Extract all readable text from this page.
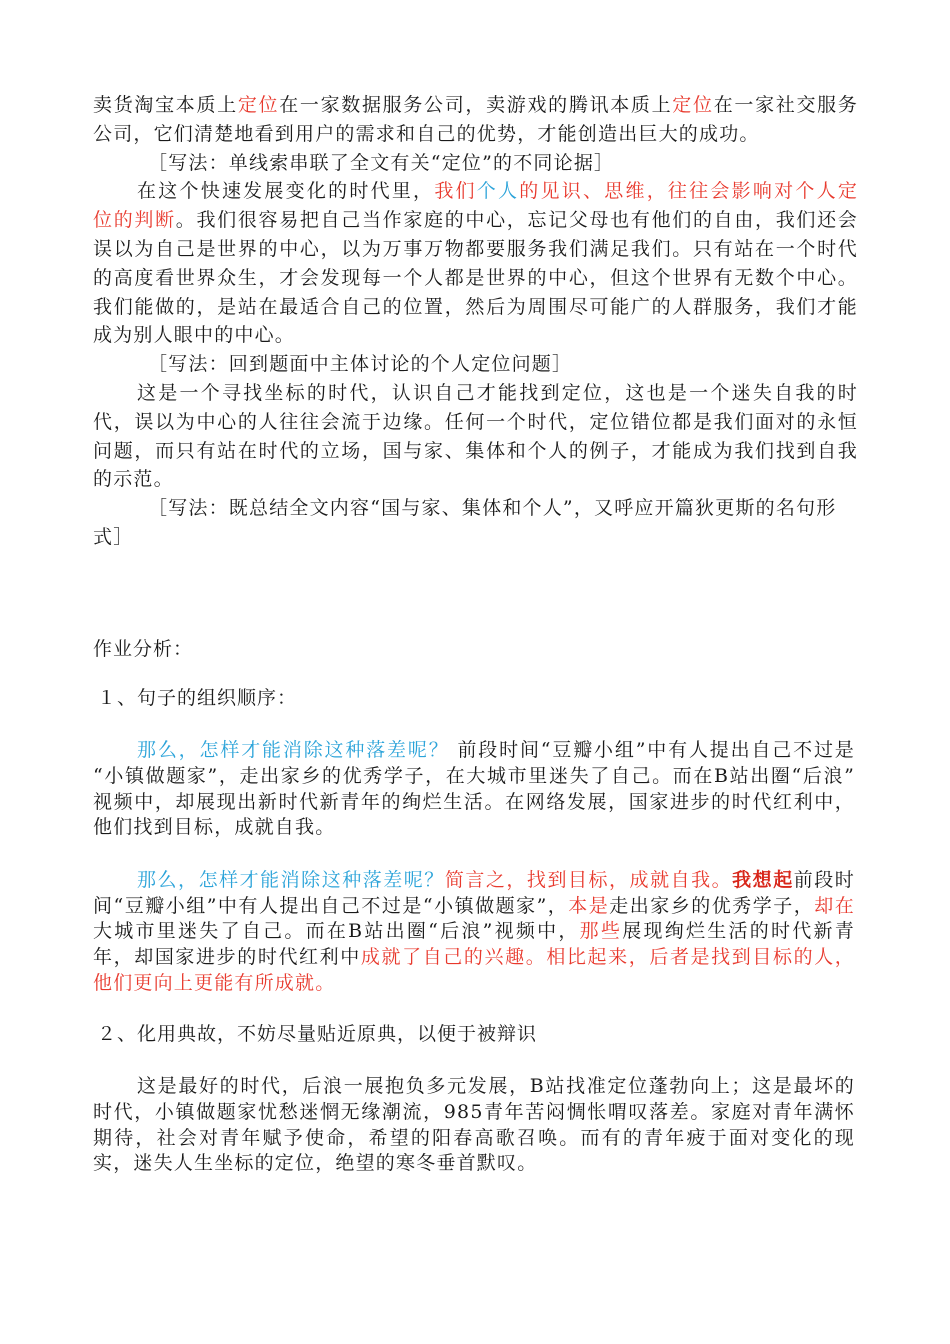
卖货淘宝本质上定位在一家数据服务公司，卖游戏的腾讯本质上定位在一家社交服务
公司，它们清楚地看到用户的需求和自己的优势，才能创造出巨大的成功。
［写法：单线索串联了全文有关“定位”的不同论据］
在这个快速发展变化的时代里，我们个人的见识、思维，往往会影响对个人定
位的判断。我们很容易把自己当作家庭的中心，忘记父母也有他们的自由，我们还会
误以为自己是世界的中心，以为万事万物都要服务我们满足我们。只有站在一个时代
的高度看世界众生，才会发现每一个人都是世界的中心，但这个世界有无数个中心。
我们能做的，是站在最适合自己的位置，然后为周围尽可能广的人群服务，我们才能
成为别人眼中的中心。
［写法：回到题面中主体讨论的个人定位问题］
这是一个寻找坐标的时代，认识自己才能找到定位，这也是一个迷失自我的时
代，误以为中心的人往往会流于边缘。任何一个时代，定位错位都是我们面对的永恒
问题，而只有站在时代的立场，国与家、集体和个人的例子，才能成为我们找到自我
的示范。
［写法：既总结全文内容“国与家、集体和个人”，又呼应开篇狄更斯的名句形
式］
作业分析：
１、句子的组织顺序：
那么，怎样才能消除这种落差呢？ 前段时间“豆瓣小组”中有人提出自己不过是
“小镇做题家”，走出家乡的优秀学子，在大城市里迷失了自己。而在B站出圈“后浪”
视频中，却展现出新时代新青年的绚烂生活。在网络发展，国家进步的时代红利中，
他们找到目标，成就自我。
那么，怎样才能消除这种落差呢？简言之，找到目标，成就自我。我想起前段时
间“豆瓣小组”中有人提出自己不过是“小镇做题家”，本是走出家乡的优秀学子，却在
大城市里迷失了自己。而在B站出圈“后浪”视频中，那些展现绚烂生活的时代新青
年，却国家进步的时代红利中成就了自己的兴趣。相比起来，后者是找到目标的人，
他们更向上更能有所成就。
２、化用典故，不妨尽量贴近原典，以便于被辩识
这是最好的时代，后浪一展抱负多元发展，B站找准定位蓬勃向上；这是最坏的
时代，小镇做题家忧愁迷惘无缘潮流，985青年苦闷惆怅喟叹落差。家庭对青年满怀
期待，社会对青年赋予使命，希望的阳春高歌召唤。而有的青年疲于面对变化的现
实，迷失人生坐标的定位，绝望的寒冬垂首默叹。
